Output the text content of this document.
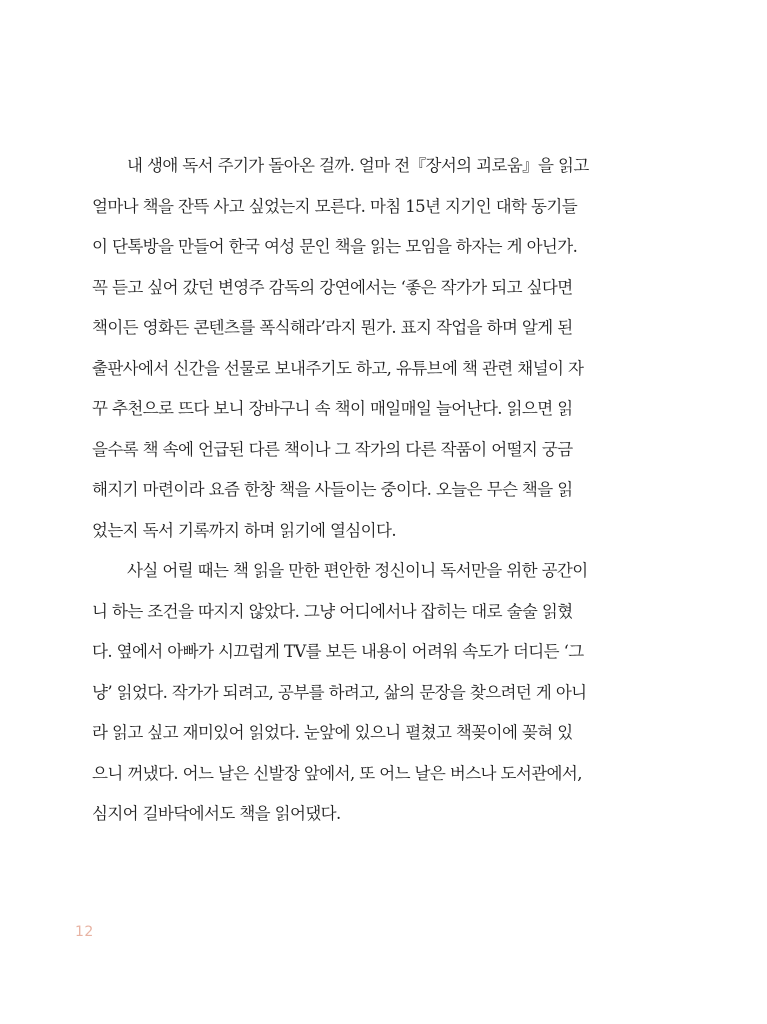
내 생애 독서 주기가 돌아온 걸까. 얼마 전『장서의 괴로움』을 읽고
얼마나 책을 잔뜩 사고 싶었는지 모른다. 마침 15년 지기인 대학 동기들
이 단톡방을 만들어 한국 여성 문인 책을 읽는 모임을 하자는 게 아닌가.
꼭 듣고 싶어 갔던 변영주 감독의 강연에서는 ‘좋은 작가가 되고 싶다면
책이든 영화든 콘텐츠를 폭식해라’라지 뭔가. 표지 작업을 하며 알게 된
출판사에서 신간을 선물로 보내주기도 하고, 유튜브에 책 관련 채널이 자
꾸 추천으로 뜨다 보니 장바구니 속 책이 매일매일 늘어난다. 읽으면 읽
을수록 책 속에 언급된 다른 책이나 그 작가의 다른 작품이 어떨지 궁금
해지기 마련이라 요즘 한창 책을 사들이는 중이다. 오늘은 무슨 책을 읽
었는지 독서 기록까지 하며 읽기에 열심이다.
사실 어릴 때는 책 읽을 만한 편안한 정신이니 독서만을 위한 공간이
니 하는 조건을 따지지 않았다. 그냥 어디에서나 잡히는 대로 술술 읽혔
다. 옆에서 아빠가 시끄럽게 TV를 보든 내용이 어려워 속도가 더디든 ‘그
냥’ 읽었다. 작가가 되려고, 공부를 하려고, 삶의 문장을 찾으려던 게 아니
라 읽고 싶고 재미있어 읽었다. 눈앞에 있으니 펼쳤고 책꽂이에 꽂혀 있
으니 꺼냈다. 어느 날은 신발장 앞에서, 또 어느 날은 버스나 도서관에서,
심지어 길바닥에서도 책을 읽어댔다.
12
